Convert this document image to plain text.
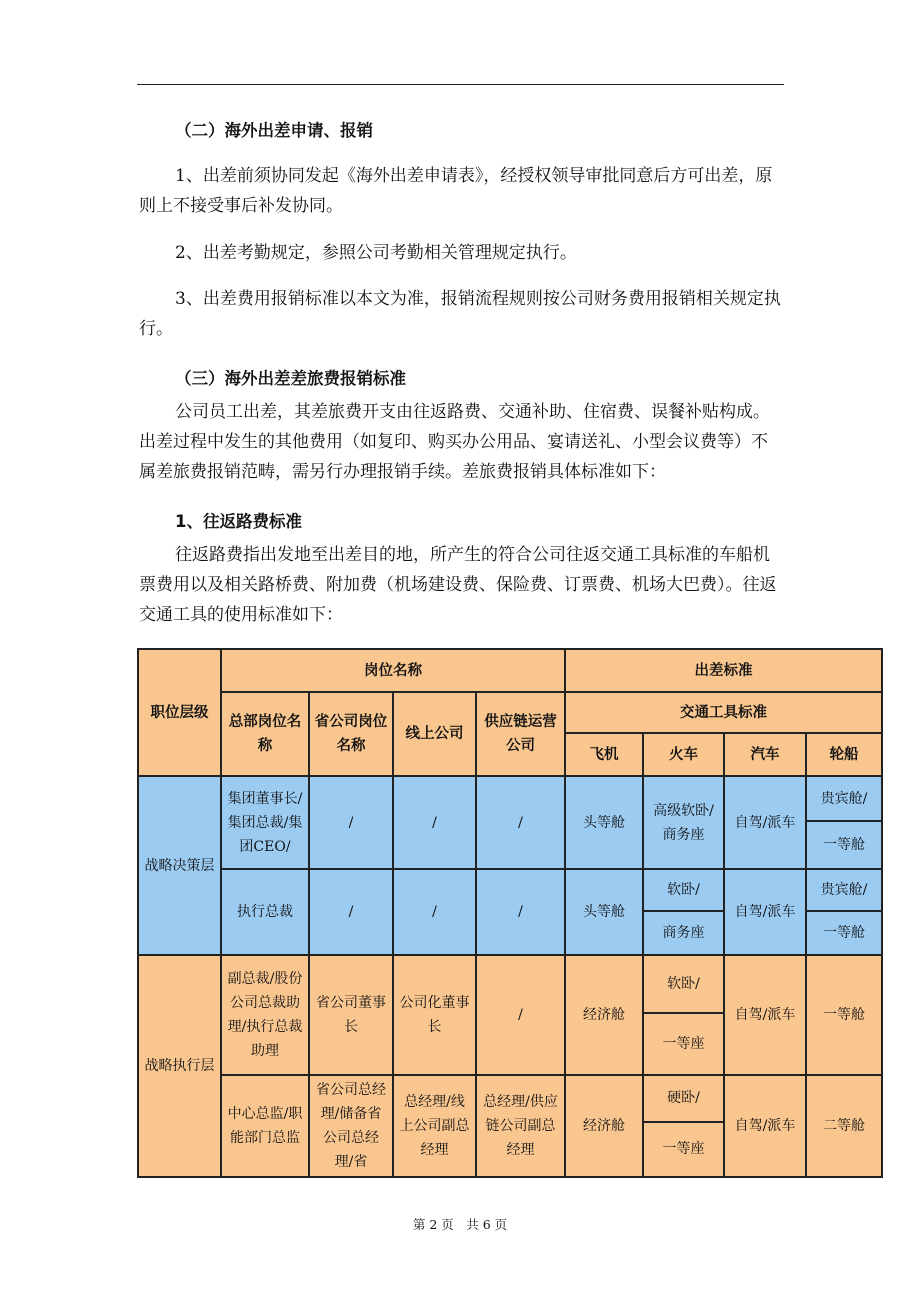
（二）海外出差申请、报销

1、出差前须协同发起《海外出差申请表》，经授权领导审批同意后方可出差，原则上不接受事后补发协同。

2、出差考勤规定，参照公司考勤相关管理规定执行。

3、出差费用报销标准以本文为准，报销流程规则按公司财务费用报销相关规定执行。

（三）海外出差差旅费报销标准

公司员工出差，其差旅费开支由往返路费、交通补助、住宿费、误餐补贴构成。出差过程中发生的其他费用（如复印、购买办公用品、宴请送礼、小型会议费等）不属差旅费报销范畴，需另行办理报销手续。差旅费报销具体标准如下：

1、往返路费标准

往返路费指出发地至出差目的地，所产生的符合公司往返交通工具标准的车船机票费用以及相关路桥费、附加费（机场建设费、保险费、订票费、机场大巴费）。往返交通工具的使用标准如下：

职位层级	岗位名称				出差标准			
	总部岗位名称	省公司岗位名称	线上公司	供应链运营公司	交通工具标准			
					飞机	火车	汽车	轮船
战略决策层	集团董事长/集团总裁/集团CEO/	/	/	/	头等舱	高级软卧/商务座	自驾/派车	贵宾舱/
								一等舱
	执行总裁	/	/	/	头等舱	软卧/	自驾/派车	贵宾舱/
						商务座		一等舱
战略执行层	副总裁/股份公司总裁助理/执行总裁助理	省公司董事长	公司化董事长	/	经济舱	软卧/	自驾/派车	一等舱
						一等座		
	中心总监/职能部门总监	省公司总经理/储备省公司总经理/省	总经理/线上公司副总经理	总经理/供应链公司副总经理	经济舱	硬卧/	自驾/派车	二等舱
						一等座		
第 2 页　共 6 页
